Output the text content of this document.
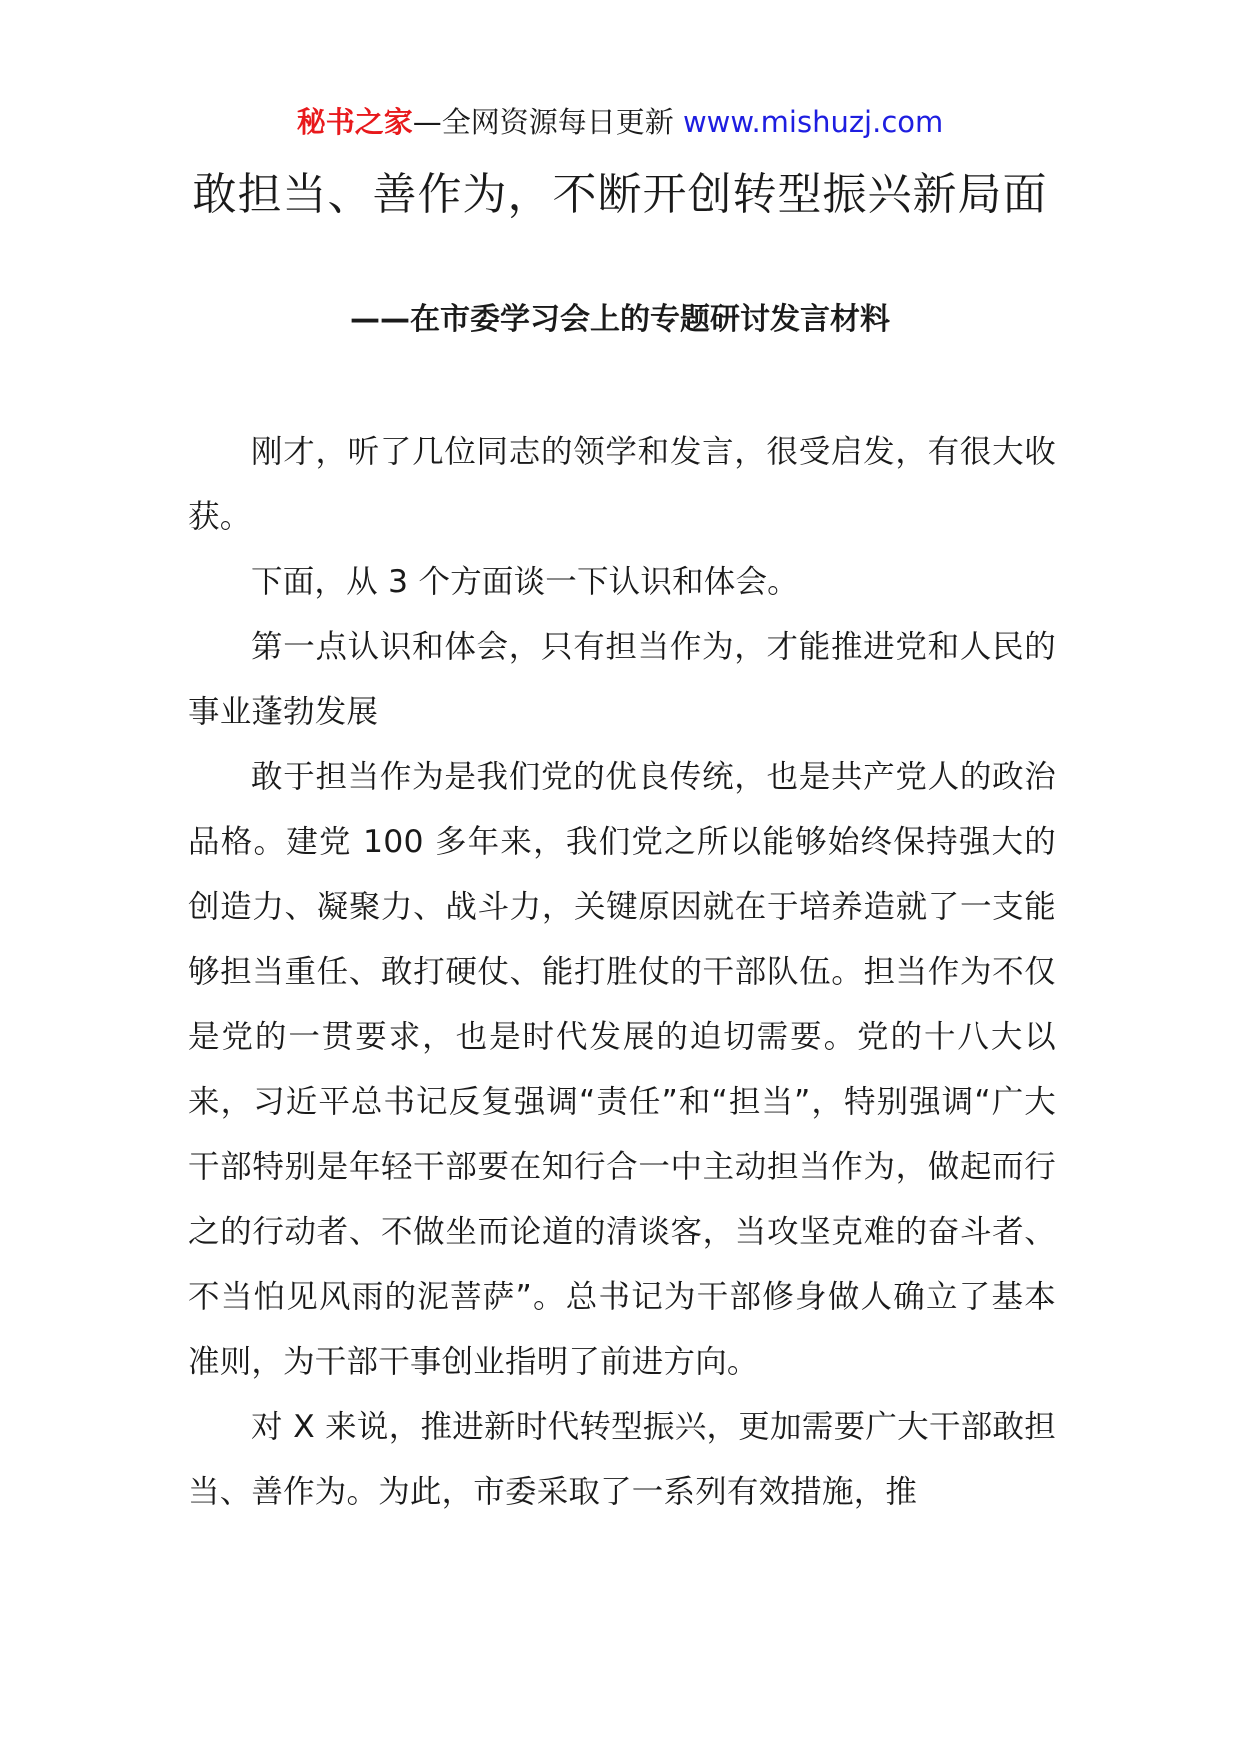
秘书之家—全网资源每日更新 www.mishuzj.com
敢担当、善作为，不断开创转型振兴新局面
——在市委学习会上的专题研讨发言材料

刚才，听了几位同志的领学和发言，很受启发，有很大收获。

下面，从 3 个方面谈一下认识和体会。

第一点认识和体会，只有担当作为，才能推进党和人民的事业蓬勃发展

敢于担当作为是我们党的优良传统，也是共产党人的政治品格。建党 100 多年来，我们党之所以能够始终保持强大的创造力、凝聚力、战斗力，关键原因就在于培养造就了一支能够担当重任、敢打硬仗、能打胜仗的干部队伍。担当作为不仅是党的一贯要求，也是时代发展的迫切需要。党的十八大以来，习近平总书记反复强调“责任”和“担当”，特别强调“广大干部特别是年轻干部要在知行合一中主动担当作为，做起而行之的行动者、不做坐而论道的清谈客，当攻坚克难的奋斗者、不当怕见风雨的泥菩萨”。总书记为干部修身做人确立了基本准则，为干部干事创业指明了前进方向。

对 X 来说，推进新时代转型振兴，更加需要广大干部敢担当、善作为。为此，市委采取了一系列有效措施，推
